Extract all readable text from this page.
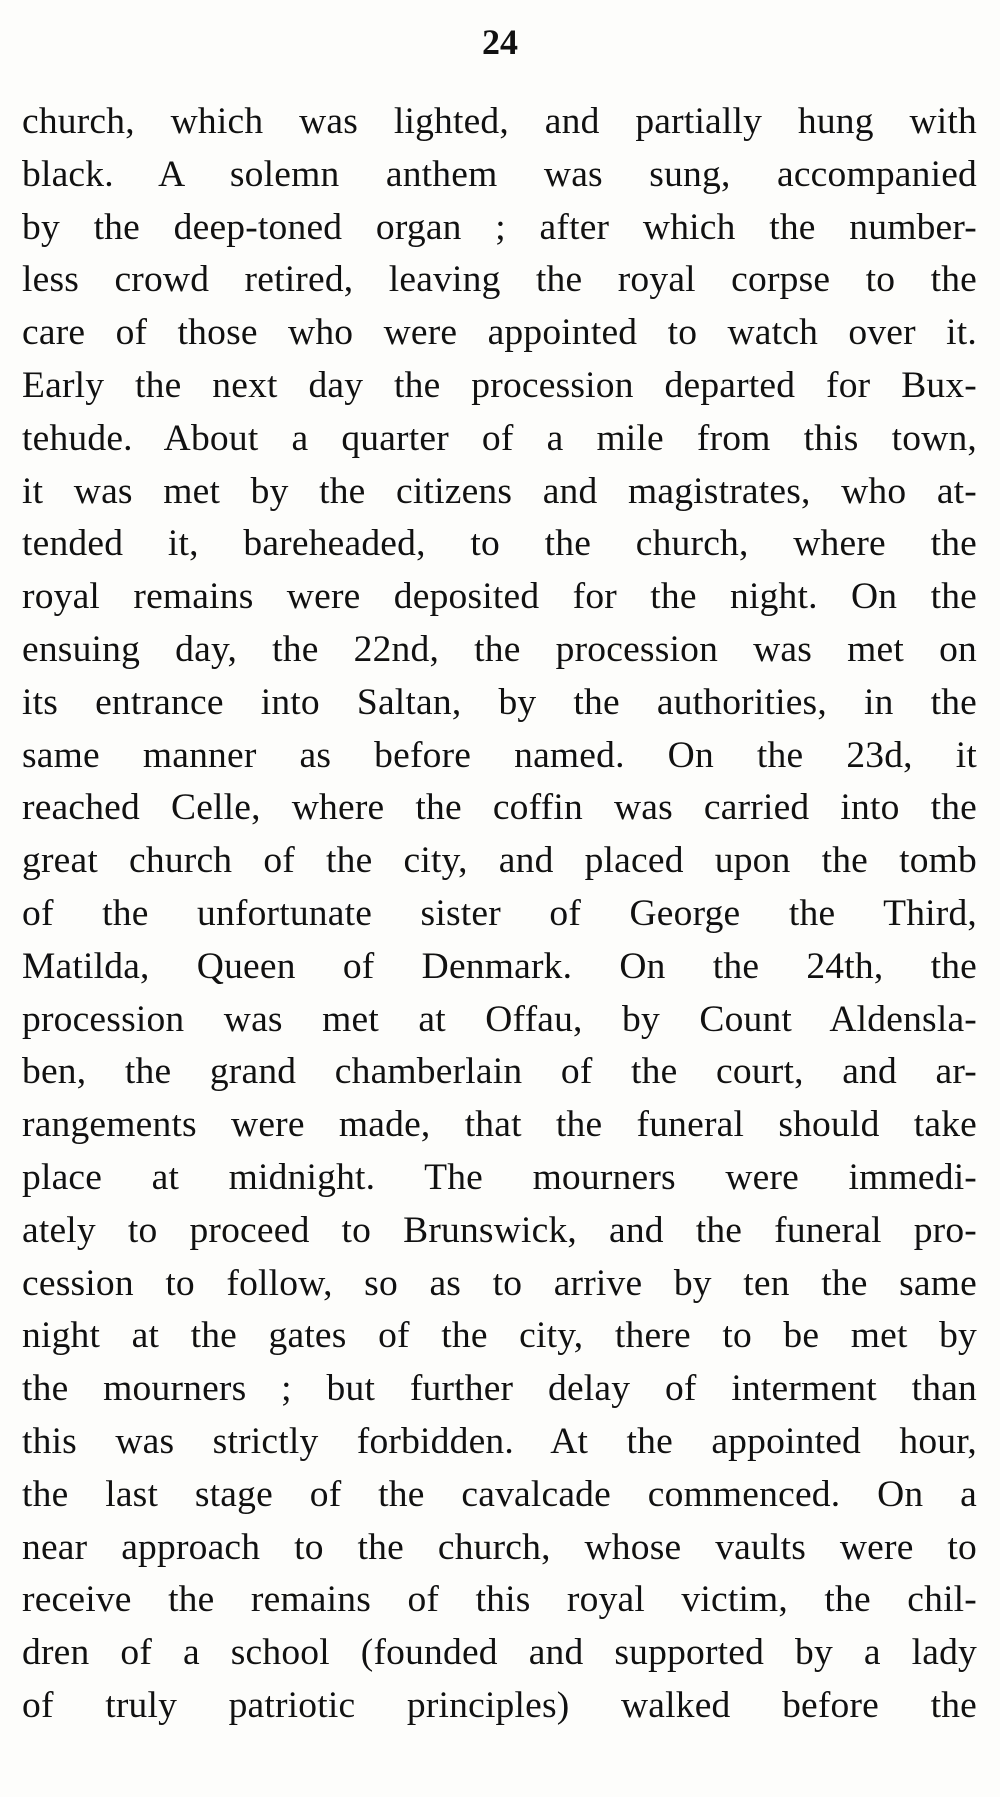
24
church, which was lighted, and partially hung with
black. A solemn anthem was sung, accompanied
by the deep-toned organ ; after which the number-
less crowd retired, leaving the royal corpse to the
care of those who were appointed to watch over it.
Early the next day the procession departed for Bux-
tehude. About a quarter of a mile from this town,
it was met by the citizens and magistrates, who at-
tended it, bareheaded, to the church, where the
royal remains were deposited for the night. On the
ensuing day, the 22nd, the procession was met on
its entrance into Saltan, by the authorities, in the
same manner as before named. On the 23d, it
reached Celle, where the coffin was carried into the
great church of the city, and placed upon the tomb
of the unfortunate sister of George the Third,
Matilda, Queen of Denmark. On the 24th, the
procession was met at Offau, by Count Aldensla-
ben, the grand chamberlain of the court, and ar-
rangements were made, that the funeral should take
place at midnight. The mourners were immedi-
ately to proceed to Brunswick, and the funeral pro-
cession to follow, so as to arrive by ten the same
night at the gates of the city, there to be met by
the mourners ; but further delay of interment than
this was strictly forbidden. At the appointed hour,
the last stage of the cavalcade commenced. On a
near approach to the church, whose vaults were to
receive the remains of this royal victim, the chil-
dren of a school (founded and supported by a lady
of truly patriotic principles) walked before the
